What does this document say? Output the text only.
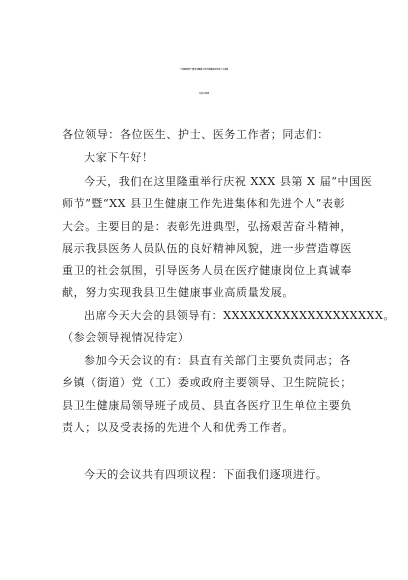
“中国医师节”暨卫生健康工作先进集体和先进个人表彰
大会主持词
各位领导：各位医生、护士、医务工作者；同志们：
大家下午好！
今天，我们在这里隆重举行庆祝 XXX 县第 X 届“中国医
师节”暨“XX 县卫生健康工作先进集体和先进个人”表彰
大会。主要目的是：表彰先进典型，弘扬艰苦奋斗精神，
展示我县医务人员队伍的良好精神风貌，进一步营造尊医
重卫的社会氛围，引导医务人员在医疗健康岗位上真诚奉
献，努力实现我县卫生健康事业高质量发展。
出席今天大会的县领导有：XXXXXXXXXXXXXXXXXXX。
（参会领导视情况待定）
参加今天会议的有：县直有关部门主要负责同志；各
乡镇（街道）党（工）委或政府主要领导、卫生院院长；
县卫生健康局领导班子成员、县直各医疗卫生单位主要负
责人；以及受表扬的先进个人和优秀工作者。
今天的会议共有四项议程：下面我们逐项进行。
